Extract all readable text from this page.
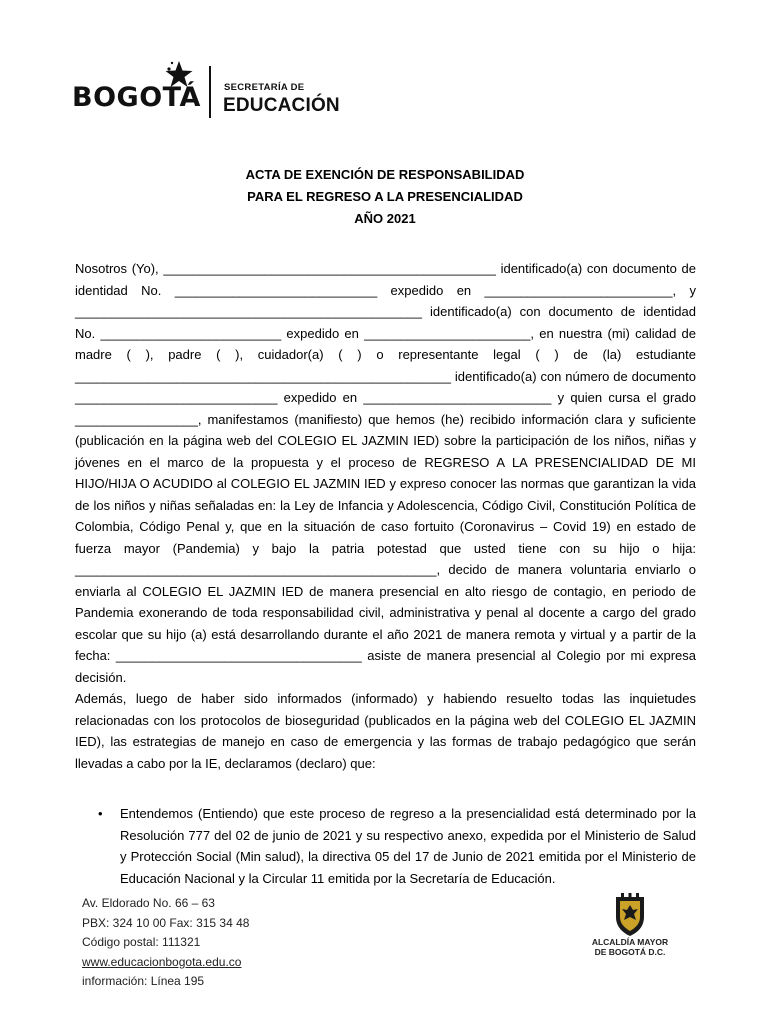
BOGOTÁ SECRETARÍA DE
EDUCACIÓN
ACTA DE EXENCIÓN DE RESPONSABILIDAD
PARA EL REGRESO A LA PRESENCIALIDAD
AÑO 2021

Nosotros (Yo), ______________________________________________ identificado(a) con documento de identidad No. ____________________________ expedido en __________________________, y ________________________________________________ identificado(a) con documento de identidad No. _________________________ expedido en _______________________, en nuestra (mi) calidad de madre ( ), padre ( ), cuidador(a) ( ) o representante legal ( ) de (la) estudiante ____________________________________________________ identificado(a) con número de documento ____________________________ expedido en __________________________ y quien cursa el grado _________________, manifestamos (manifiesto) que hemos (he) recibido información clara y suficiente (publicación en la página web del COLEGIO EL JAZMIN IED) sobre la participación de los niños, niñas y jóvenes en el marco de la propuesta y el proceso de REGRESO A LA PRESENCIALIDAD DE MI HIJO/HIJA O ACUDIDO al COLEGIO EL JAZMIN IED y expreso conocer las normas que garantizan la vida de los niños y niñas señaladas en: la Ley de Infancia y Adolescencia, Código Civil, Constitución Política de Colombia, Código Penal y, que en la situación de caso fortuito (Coronavirus – Covid 19) en estado de fuerza mayor (Pandemia) y bajo la patria potestad que usted tiene con su hijo o hija: __________________________________________________, decido de manera voluntaria enviarlo o enviarla al COLEGIO EL JAZMIN IED de manera presencial en alto riesgo de contagio, en periodo de Pandemia exonerando de toda responsabilidad civil, administrativa y penal al docente a cargo del grado escolar que su hijo (a) está desarrollando durante el año 2021 de manera remota y virtual y a partir de la fecha: __________________________________ asiste de manera presencial al Colegio por mi expresa decisión.

Además, luego de haber sido informados (informado) y habiendo resuelto todas las inquietudes relacionadas con los protocolos de bioseguridad (publicados en la página web del COLEGIO EL JAZMIN IED), las estrategias de manejo en caso de emergencia y las formas de trabajo pedagógico que serán llevadas a cabo por la IE, declaramos (declaro) que:

• Entendemos (Entiendo) que este proceso de regreso a la presencialidad está determinado por la Resolución 777 del 02 de junio de 2021 y su respectivo anexo, expedida por el Ministerio de Salud y Protección Social (Min salud), la directiva 05 del 17 de Junio de 2021 emitida por el Ministerio de Educación Nacional y la Circular 11 emitida por la Secretaría de Educación.
Av. Eldorado No. 66 – 63
PBX: 324 10 00 Fax: 315 34 48
Código postal: 111321
www.educacionbogota.edu.co
información: Línea 195
ALCALDÍA MAYOR
DE BOGOTÁ D.C.
